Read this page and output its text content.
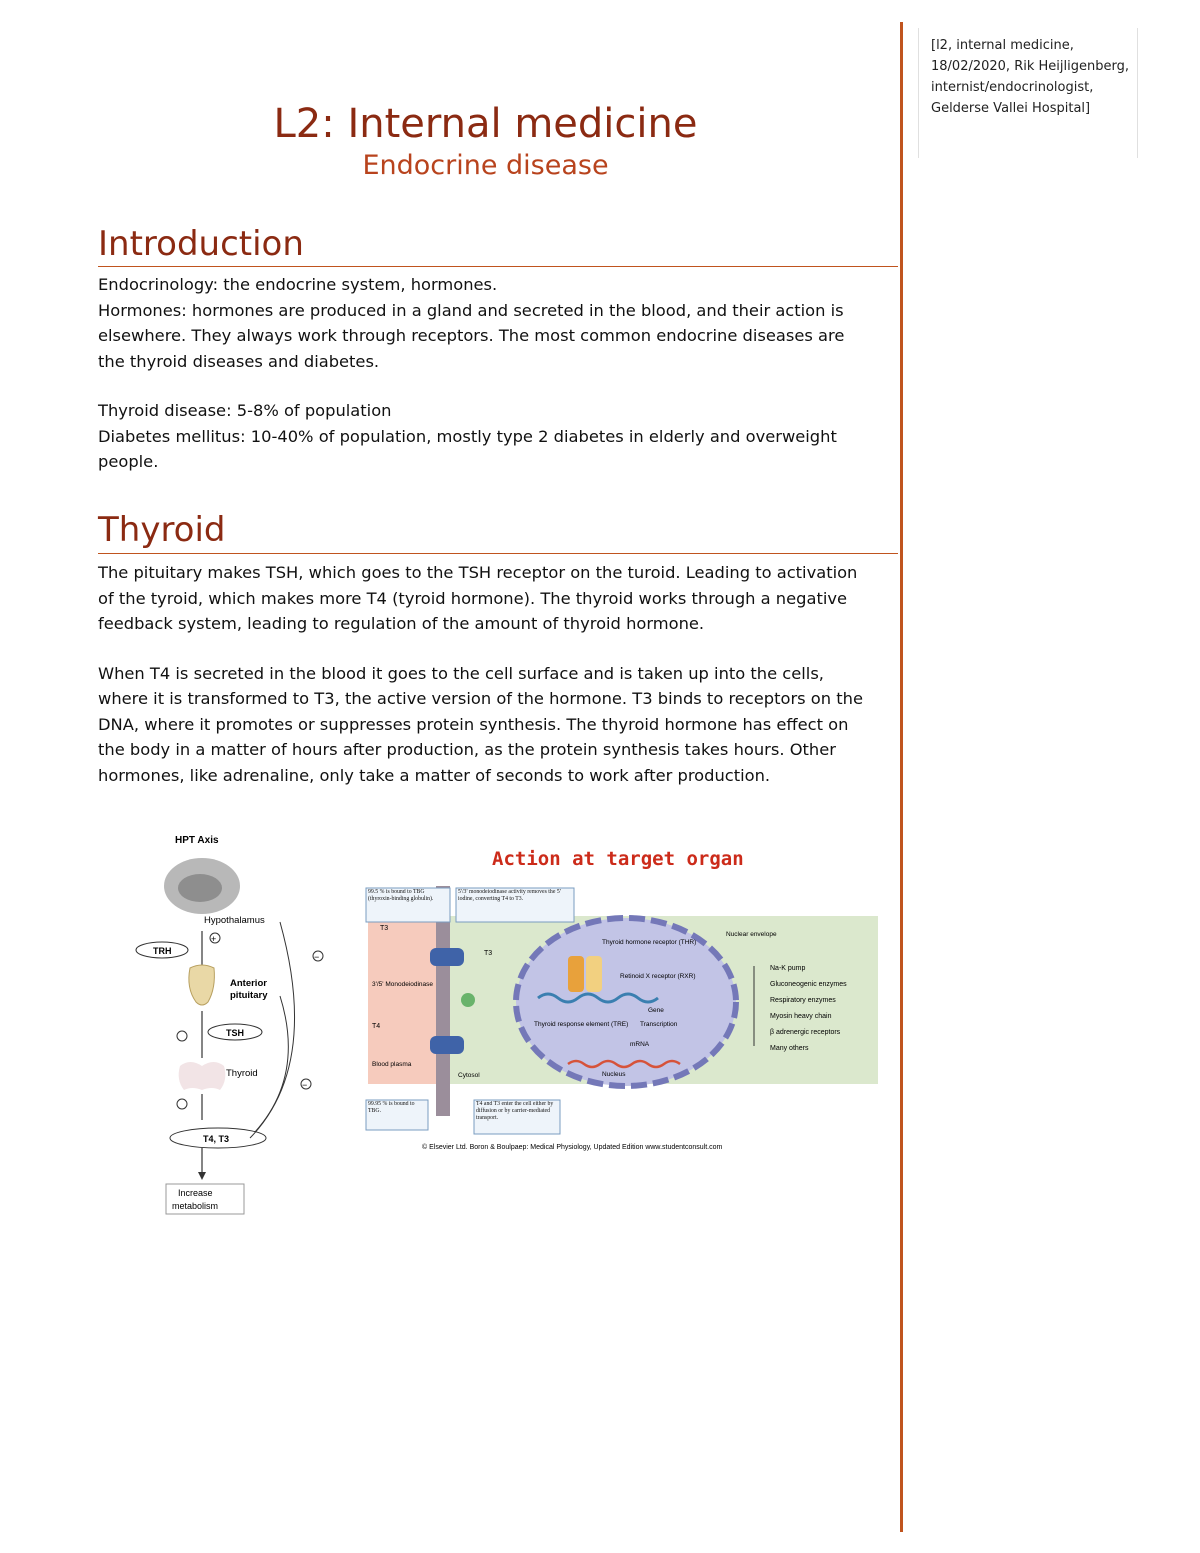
[l2, internal medicine, 18/02/2020, Rik Heijligenberg, internist/endocrinologist, Gelderse Vallei Hospital]
L2: Internal medicine
Endocrine disease
Introduction

Endocrinology: the endocrine system, hormones.

Hormones: hormones are produced in a gland and secreted in the blood, and their action is elsewhere. They always work through receptors. The most common endocrine diseases are the thyroid diseases and diabetes.

Thyroid disease: 5-8% of population

Diabetes mellitus: 10-40% of population, mostly type 2 diabetes in elderly and overweight people.

Thyroid

The pituitary makes TSH, which goes to the TSH receptor on the turoid. Leading to activation of the tyroid, which makes more T4 (tyroid hormone). The thyroid works through a negative feedback system, leading to regulation of the amount of thyroid hormone.

When T4 is secreted in the blood it goes to the cell surface and is taken up into the cells, where it is transformed to T3, the active version of the hormone. T3 binds to receptors on the DNA, where it promotes or suppresses protein synthesis. The thyroid hormone has effect on the body in a matter of hours after production, as the protein synthesis takes hours. Other hormones, like adrenaline, only take a matter of seconds to work after production.

HPT Axis
Hypothalamus
TRH
+
Anterior
pituitary
TSH
Thyroid
T4, T3
Increase
metabolism
−
−
Action at target organ
T3
T3
T4
3'/5' Monodeiodinase
Blood plasma
Cytosol	Nucleus
Thyroid hormone receptor (THR)
Retinoid X receptor (RXR)
Gene
Transcription
Thyroid response element (TRE)
mRNA
Nuclear envelope
Na-K pump
Gluconeogenic enzymes
Respiratory enzymes
Myosin heavy chain
β adrenergic receptors
Many others
99.5 % is bound to TBG (thyroxin-binding globulin).
5'/3' monodeiodinase activity removes the 5' iodine, converting T4 to T3.
99.95 % is bound to TBG.
T4 and T3 enter the cell either by diffusion or by carrier-mediated transport.
© Elsevier Ltd. Boron & Boulpaep: Medical Physiology, Updated Edition www.studentconsult.com
